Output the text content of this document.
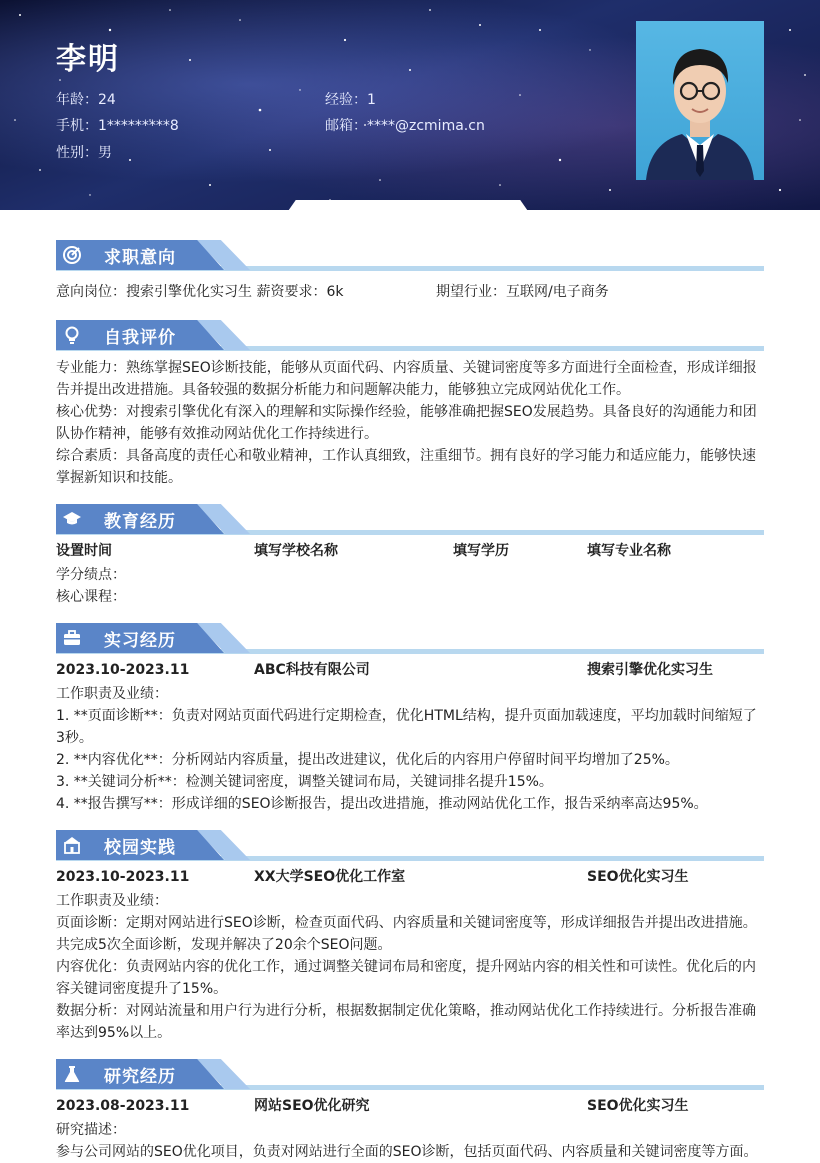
李明
年龄：24	经验：1
手机：1*********8	邮箱：****@zcmima.cn
性别：男
求职意向
意向岗位：搜索引擎优化实习生 薪资要求：6k	期望行业：互联网/电子商务
自我评价
专业能力：熟练掌握SEO诊断技能，能够从页面代码、内容质量、关键词密度等多方面进行全面检查，形成详细报告并提出改进措施。具备较强的数据分析能力和问题解决能力，能够独立完成网站优化工作。
核心优势：对搜索引擎优化有深入的理解和实际操作经验，能够准确把握SEO发展趋势。具备良好的沟通能力和团队协作精神，能够有效推动网站优化工作持续进行。
综合素质：具备高度的责任心和敬业精神，工作认真细致，注重细节。拥有良好的学习能力和适应能力，能够快速掌握新知识和技能。
教育经历
设置时间	填写学校名称	填写学历	填写专业名称
学分绩点：
核心课程：
实习经历
2023.10-2023.11	ABC科技有限公司	搜索引擎优化实习生
工作职责及业绩：
1. **页面诊断**：负责对网站页面代码进行定期检查，优化HTML结构，提升页面加载速度，平均加载时间缩短了3秒。
2. **内容优化**：分析网站内容质量，提出改进建议，优化后的内容用户停留时间平均增加了25%。
3. **关键词分析**：检测关键词密度，调整关键词布局，关键词排名提升15%。
4. **报告撰写**：形成详细的SEO诊断报告，提出改进措施，推动网站优化工作，报告采纳率高达95%。
校园实践
2023.10-2023.11	XX大学SEO优化工作室	SEO优化实习生
工作职责及业绩：
页面诊断：定期对网站进行SEO诊断，检查页面代码、内容质量和关键词密度等，形成详细报告并提出改进措施。共完成5次全面诊断，发现并解决了20余个SEO问题。
内容优化：负责网站内容的优化工作，通过调整关键词布局和密度，提升网站内容的相关性和可读性。优化后的内容关键词密度提升了15%。
数据分析：对网站流量和用户行为进行分析，根据数据制定优化策略，推动网站优化工作持续进行。分析报告准确率达到95%以上。
研究经历
2023.08-2023.11	网站SEO优化研究	SEO优化实习生
研究描述：
参与公司网站的SEO优化项目，负责对网站进行全面的SEO诊断，包括页面代码、内容质量和关键词密度等方面。
